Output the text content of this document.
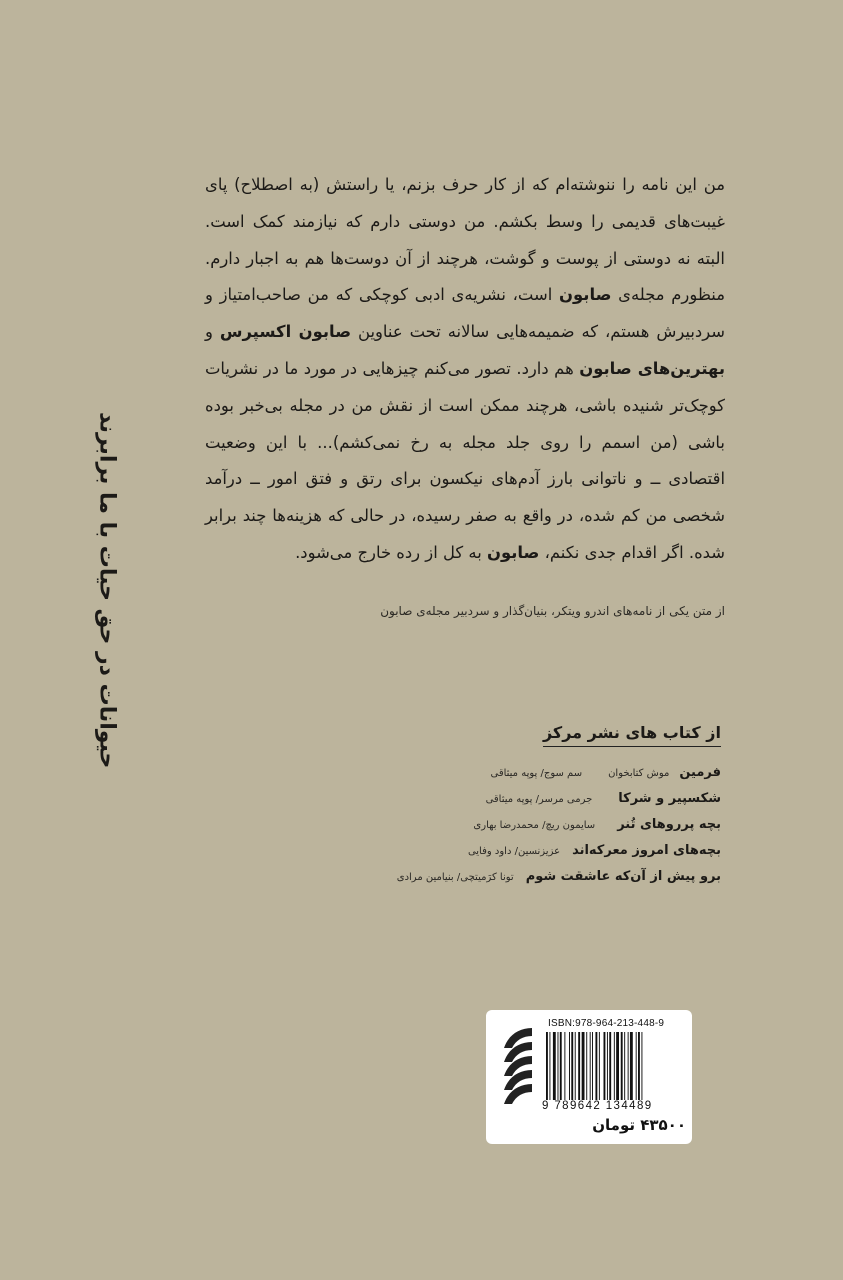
حیوانات در حق حیات با ما برابرند

من این نامه را ننوشته‌ام که از کار حرف بزنم، یا راستش (به اصطلاح) پای غیبت‌های قدیمی را وسط بکشم. من دوستی دارم که نیازمند کمک است. البته نه دوستی از پوست و گوشت، هرچند از آن دوست‌ها هم به اجبار دارم. منظورم مجله‌ی صابون است، نشریه‌ی ادبی کوچکی که من صاحب‌امتیاز و سردبیرش هستم، که ضمیمه‌هایی سالانه تحت عناوین صابون اکسپرس و بهترین‌های صابون هم دارد. تصور می‌کنم چیزهایی در مورد ما در نشریات کوچک‌تر شنیده باشی، هرچند ممکن است از نقش من در مجله بی‌خبر بوده باشی (من اسمم را روی جلد مجله به رخ نمی‌کشم)... با این وضعیت اقتصادی ــ و ناتوانی بارز آدم‌های نیکسون برای رتق و فتق امور ــ درآمد شخصی من کم شده، در واقع به صفر رسیده، در حالی که هزینه‌ها چند برابر شده. اگر اقدام جدی نکنم، صابون به کل از رده خارج می‌شود.

از متن یکی از نامه‌های اندرو ویتکر، بنیان‌گذار و سردبیر مجله‌ی صابون
از کتاب های نشر مرکز
فرمین
موش کتابخوان
سم سوج/ پوپه میثاقی
شکسپیر و شرکا
جرمی مرسر/ پوپه میثاقی
بچه پرروهای تُنر
سایمون ریچ/ محمدرضا بهاری
بچه‌های امروز معرکه‌اند
عزیزنسین/ داود وفایی
برو پیش از آن‌که عاشقت شوم
تونا کرَمیتچی/ بنیامین مرادی
ISBN:978-964-213-448-9
9 789642 134489
۴۳۵۰۰ تومان
